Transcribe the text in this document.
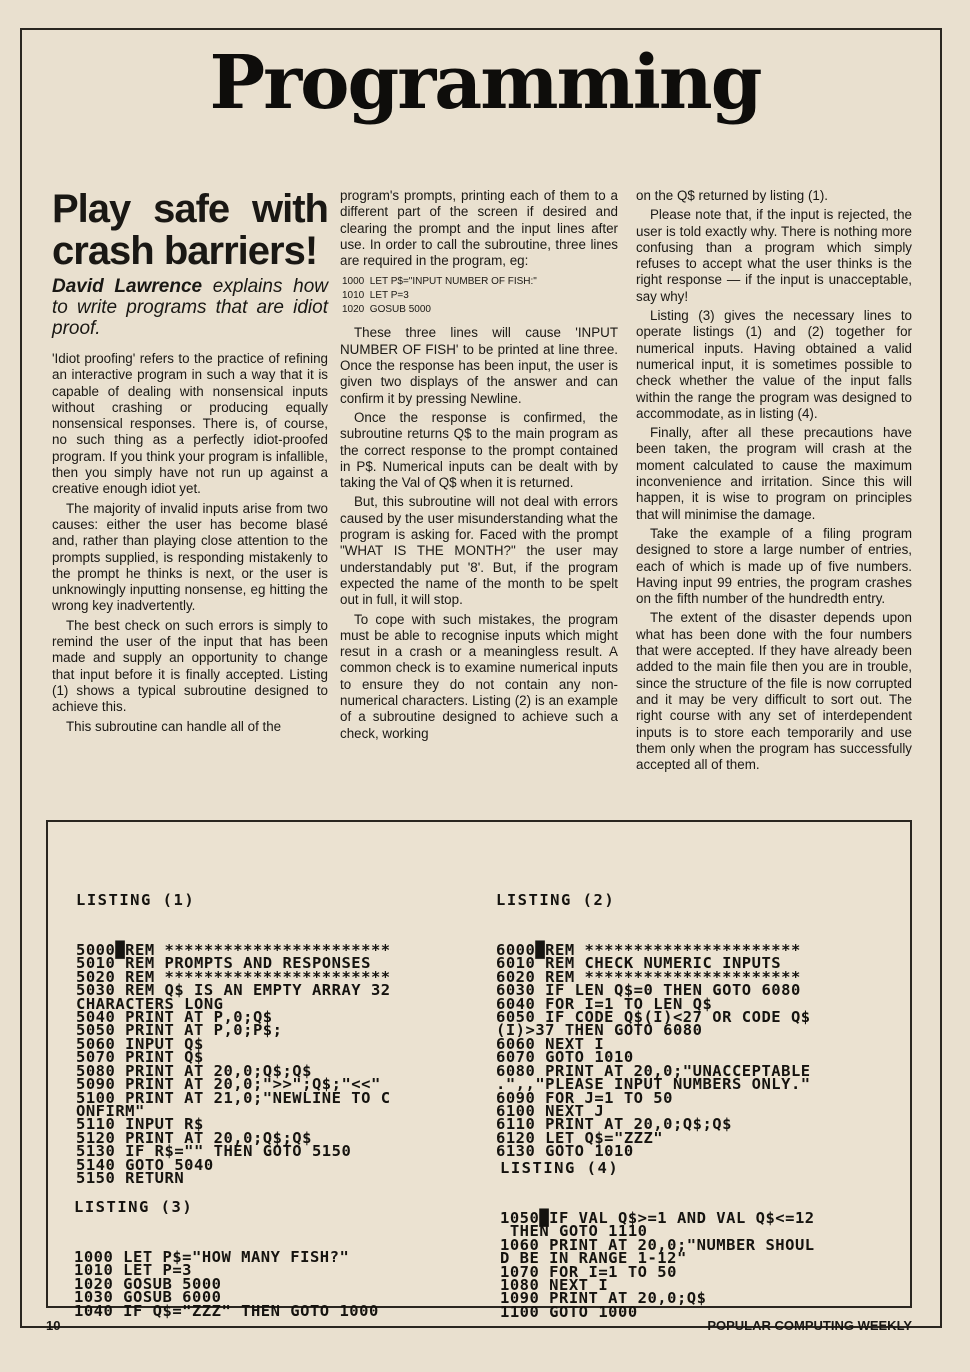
Programming
Play safe with crash barriers!
David Lawrence explains how to write programs that are idiot proof.

'Idiot proofing' refers to the practice of refining an interactive program in such a way that it is capable of dealing with nonsensical inputs without crashing or producing equally nonsensical responses. There is, of course, no such thing as a perfectly idiot-proofed program. If you think your program is infallible, then you simply have not run up against a creative enough idiot yet.

The majority of invalid inputs arise from two causes: either the user has become blasé and, rather than playing close attention to the prompts supplied, is responding mistakenly to the prompt he thinks is next, or the user is unknowingly inputting nonsense, eg hitting the wrong key inadvertently.

The best check on such errors is simply to remind the user of the input that has been made and supply an opportunity to change that input before it is finally accepted. Listing (1) shows a typical subroutine designed to achieve this.

This subroutine can handle all of the

program's prompts, printing each of them to a different part of the screen if desired and clearing the prompt and the input lines after use. In order to call the subroutine, three lines are required in the program, eg:

1000  LET P$="INPUT NUMBER OF FISH:"
1010  LET P=3
1020  GOSUB 5000

These three lines will cause 'INPUT NUMBER OF FISH' to be printed at line three. Once the response has been input, the user is given two displays of the answer and can confirm it by pressing Newline.

Once the response is confirmed, the subroutine returns Q$ to the main program as the correct response to the prompt contained in P$. Numerical inputs can be dealt with by taking the Val of Q$ when it is returned.

But, this subroutine will not deal with errors caused by the user misunderstanding what the program is asking for. Faced with the prompt "WHAT IS THE MONTH?" the user may understandably put '8'. But, if the program expected the name of the month to be spelt out in full, it will stop.

To cope with such mistakes, the program must be able to recognise inputs which might resut in a crash or a meaningless result. A common check is to examine numerical inputs to ensure they do not contain any non-numerical characters. Listing (2) is an example of a subroutine designed to achieve such a check, working

on the Q$ returned by listing (1).

Please note that, if the input is rejected, the user is told exactly why. There is nothing more confusing than a program which simply refuses to accept what the user thinks is the right response — if the input is unacceptable, say why!

Listing (3) gives the necessary lines to operate listings (1) and (2) together for numerical inputs. Having obtained a valid numerical input, it is sometimes possible to check whether the value of the input falls within the range the program was designed to accommodate, as in listing (4).

Finally, after all these precautions have been taken, the program will crash at the moment calculated to cause the maximum inconvenience and irritation. Since this will happen, it is wise to program on principles that will minimise the damage.

Take the example of a filing program designed to store a large number of entries, each of which is made up of five numbers. Having input 99 entries, the program crashes on the fifth number of the hundredth entry.

The extent of the disaster depends upon what has been done with the four numbers that were accepted. If they have already been added to the main file then you are in trouble, since the structure of the file is now corrupted and it may be very difficult to sort out. The right course with any set of interdependent inputs is to store each temporarily and use them only when the program has successfully accepted all of them.

LISTING (1)

5000█REM ***********************
5010 REM PROMPTS AND RESPONSES
5020 REM ***********************
5030 REM Q$ IS AN EMPTY ARRAY 32
CHARACTERS LONG
5040 PRINT AT P,0;Q$
5050 PRINT AT P,0;P$;
5060 INPUT Q$
5070 PRINT Q$
5080 PRINT AT 20,0;Q$;Q$
5090 PRINT AT 20,0;">>";Q$;"<<"
5100 PRINT AT 21,0;"NEWLINE TO C
ONFIRM"
5110 INPUT R$
5120 PRINT AT 20,0;Q$;Q$
5130 IF R$="" THEN GOTO 5150
5140 GOTO 5040
5150 RETURN

LISTING (2)

6000█REM **********************
6010 REM CHECK NUMERIC INPUTS
6020 REM **********************
6030 IF LEN Q$=0 THEN GOTO 6080
6040 FOR I=1 TO LEN Q$
6050 IF CODE Q$(I)<27 OR CODE Q$
(I)>37 THEN GOTO 6080
6060 NEXT I
6070 GOTO 1010
6080 PRINT AT 20,0;"UNACCEPTABLE
.",,"PLEASE INPUT NUMBERS ONLY."
6090 FOR J=1 TO 50
6100 NEXT J
6110 PRINT AT 20,0;Q$;Q$
6120 LET Q$="ZZZ"
6130 GOTO 1010

LISTING (3)

1000 LET P$="HOW MANY FISH?"
1010 LET P=3
1020 GOSUB 5000
1030 GOSUB 6000
1040 IF Q$="ZZZ" THEN GOTO 1000

LISTING (4)

1050█IF VAL Q$>=1 AND VAL Q$<=12
THEN GOTO 1110
1060 PRINT AT 20,0;"NUMBER SHOUL
D BE IN RANGE 1-12"
1070 FOR I=1 TO 50
1080 NEXT I
1090 PRINT AT 20,0;Q$
1100 GOTO 1000

10	POPULAR COMPUTING WEEKLY
